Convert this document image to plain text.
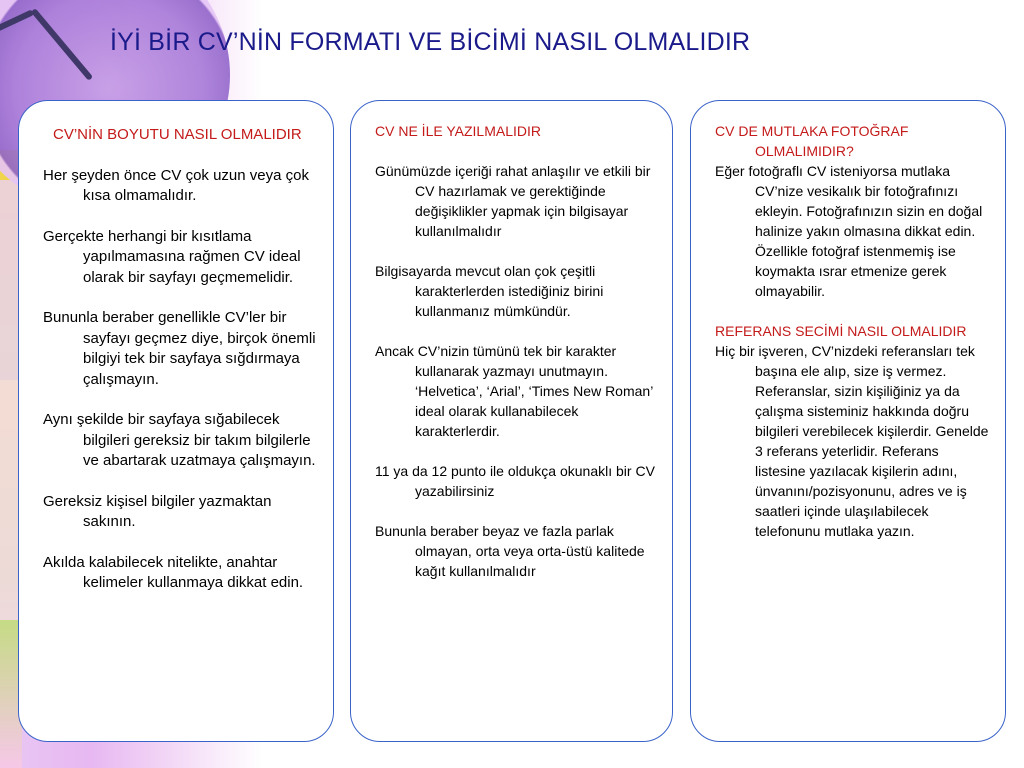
İYİ BİR CV’NİN FORMATI VE BİCİMİ NASIL OLMALIDIR
CV’NİN BOYUTU NASIL OLMALIDIR
Her şeyden önce CV çok uzun veya çok kısa olmamalıdır.
Gerçekte herhangi bir kısıtlama yapılmamasına rağmen CV ideal olarak bir sayfayı geçmemelidir.
Bununla beraber genellikle CV’ler bir sayfayı geçmez diye, birçok önemli bilgiyi tek bir sayfaya sığdırmaya çalışmayın.
Aynı şekilde bir sayfaya sığabilecek bilgileri gereksiz bir takım bilgilerle ve abartarak uzatmaya çalışmayın.
Gereksiz kişisel bilgiler yazmaktan sakının.
Akılda kalabilecek nitelikte, anahtar kelimeler kullanmaya dikkat edin.
CV NE İLE YAZILMALIDIR
Günümüzde içeriği rahat anlaşılır ve etkili bir CV hazırlamak ve gerektiğinde değişiklikler yapmak için bilgisayar kullanılmalıdır
Bilgisayarda mevcut olan çok çeşitli karakterlerden istediğiniz birini kullanmanız mümkündür.
Ancak CV’nizin tümünü tek bir karakter kullanarak yazmayı unutmayın. ‘Helvetica’, ‘Arial’, ‘Times New Roman’ ideal olarak kullanabilecek karakterlerdir.
11 ya da 12 punto ile oldukça okunaklı bir CV yazabilirsiniz
Bununla beraber beyaz ve fazla parlak olmayan, orta veya orta-üstü kalitede kağıt kullanılmalıdır
CV DE MUTLAKA FOTOĞRAF OLMALIMIDIR?
Eğer fotoğraflı CV isteniyorsa mutlaka CV’nize vesikalık bir fotoğrafınızı ekleyin. Fotoğrafınızın sizin en doğal halinize yakın olmasına dikkat edin. Özellikle fotoğraf istenmemiş ise koymakta ısrar etmenize gerek olmayabilir.
REFERANS SECİMİ NASIL OLMALIDIR
Hiç bir işveren, CV’nizdeki referansları tek başına ele alıp, size iş vermez. Referanslar, sizin kişiliğiniz ya da çalışma sisteminiz hakkında doğru bilgileri verebilecek kişilerdir. Genelde 3 referans yeterlidir. Referans listesine yazılacak kişilerin adını, ünvanını/pozisyonunu, adres ve iş saatleri içinde ulaşılabilecek telefonunu mutlaka yazın.
